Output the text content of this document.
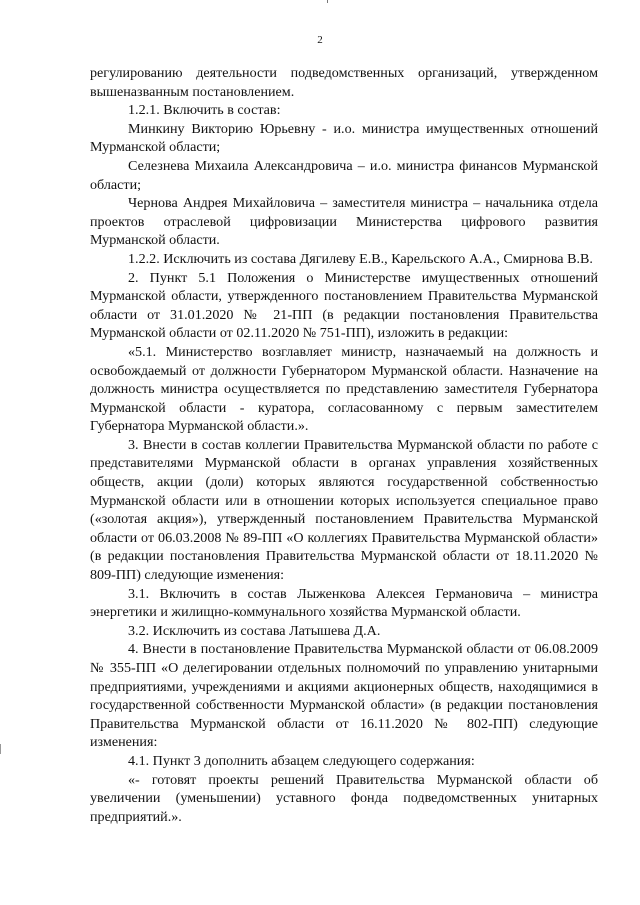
2

регулированию деятельности подведомственных организаций, утвержденном вышеназванным постановлением.

1.2.1. Включить в состав:

Минкину Викторию Юрьевну - и.о. министра имущественных отношений Мурманской области;

Селезнева Михаила Александровича – и.о. министра финансов Мурманской области;

Чернова Андрея Михайловича – заместителя министра – начальника отдела проектов отраслевой цифровизации Министерства цифрового развития Мурманской области.

1.2.2. Исключить из состава Дягилеву Е.В., Карельского А.А., Смирнова В.В.

2. Пункт 5.1 Положения о Министерстве имущественных отношений Мурманской области, утвержденного постановлением Правительства Мурманской области от 31.01.2020 № 21-ПП (в редакции постановления Правительства Мурманской области от 02.11.2020 № 751-ПП), изложить в редакции:

«5.1. Министерство возглавляет министр, назначаемый на должность и освобождаемый от должности Губернатором Мурманской области. Назначение на должность министра осуществляется по представлению заместителя Губернатора Мурманской области - куратора, согласованному с первым заместителем Губернатора Мурманской области.».

3. Внести в состав коллегии Правительства Мурманской области по работе с представителями Мурманской области в органах управления хозяйственных обществ, акции (доли) которых являются государственной собственностью Мурманской области или в отношении которых используется специальное право («золотая акция»), утвержденный постановлением Правительства Мурманской области от 06.03.2008 № 89-ПП «О коллегиях Правительства Мурманской области» (в редакции постановления Правительства Мурманской области от 18.11.2020 № 809-ПП) следующие изменения:

3.1. Включить в состав Лыженкова Алексея Германовича – министра энергетики и жилищно-коммунального хозяйства Мурманской области.

3.2. Исключить из состава Латышева Д.А.

4. Внести в постановление Правительства Мурманской области от 06.08.2009 № 355-ПП «О делегировании отдельных полномочий по управлению унитарными предприятиями, учреждениями и акциями акционерных обществ, находящимися в государственной собственности Мурманской области» (в редакции постановления Правительства Мурманской области от 16.11.2020 № 802-ПП) следующие изменения:

4.1. Пункт 3 дополнить абзацем следующего содержания:

«- готовят проекты решений Правительства Мурманской области об увеличении (уменьшении) уставного фонда подведомственных унитарных предприятий.».
